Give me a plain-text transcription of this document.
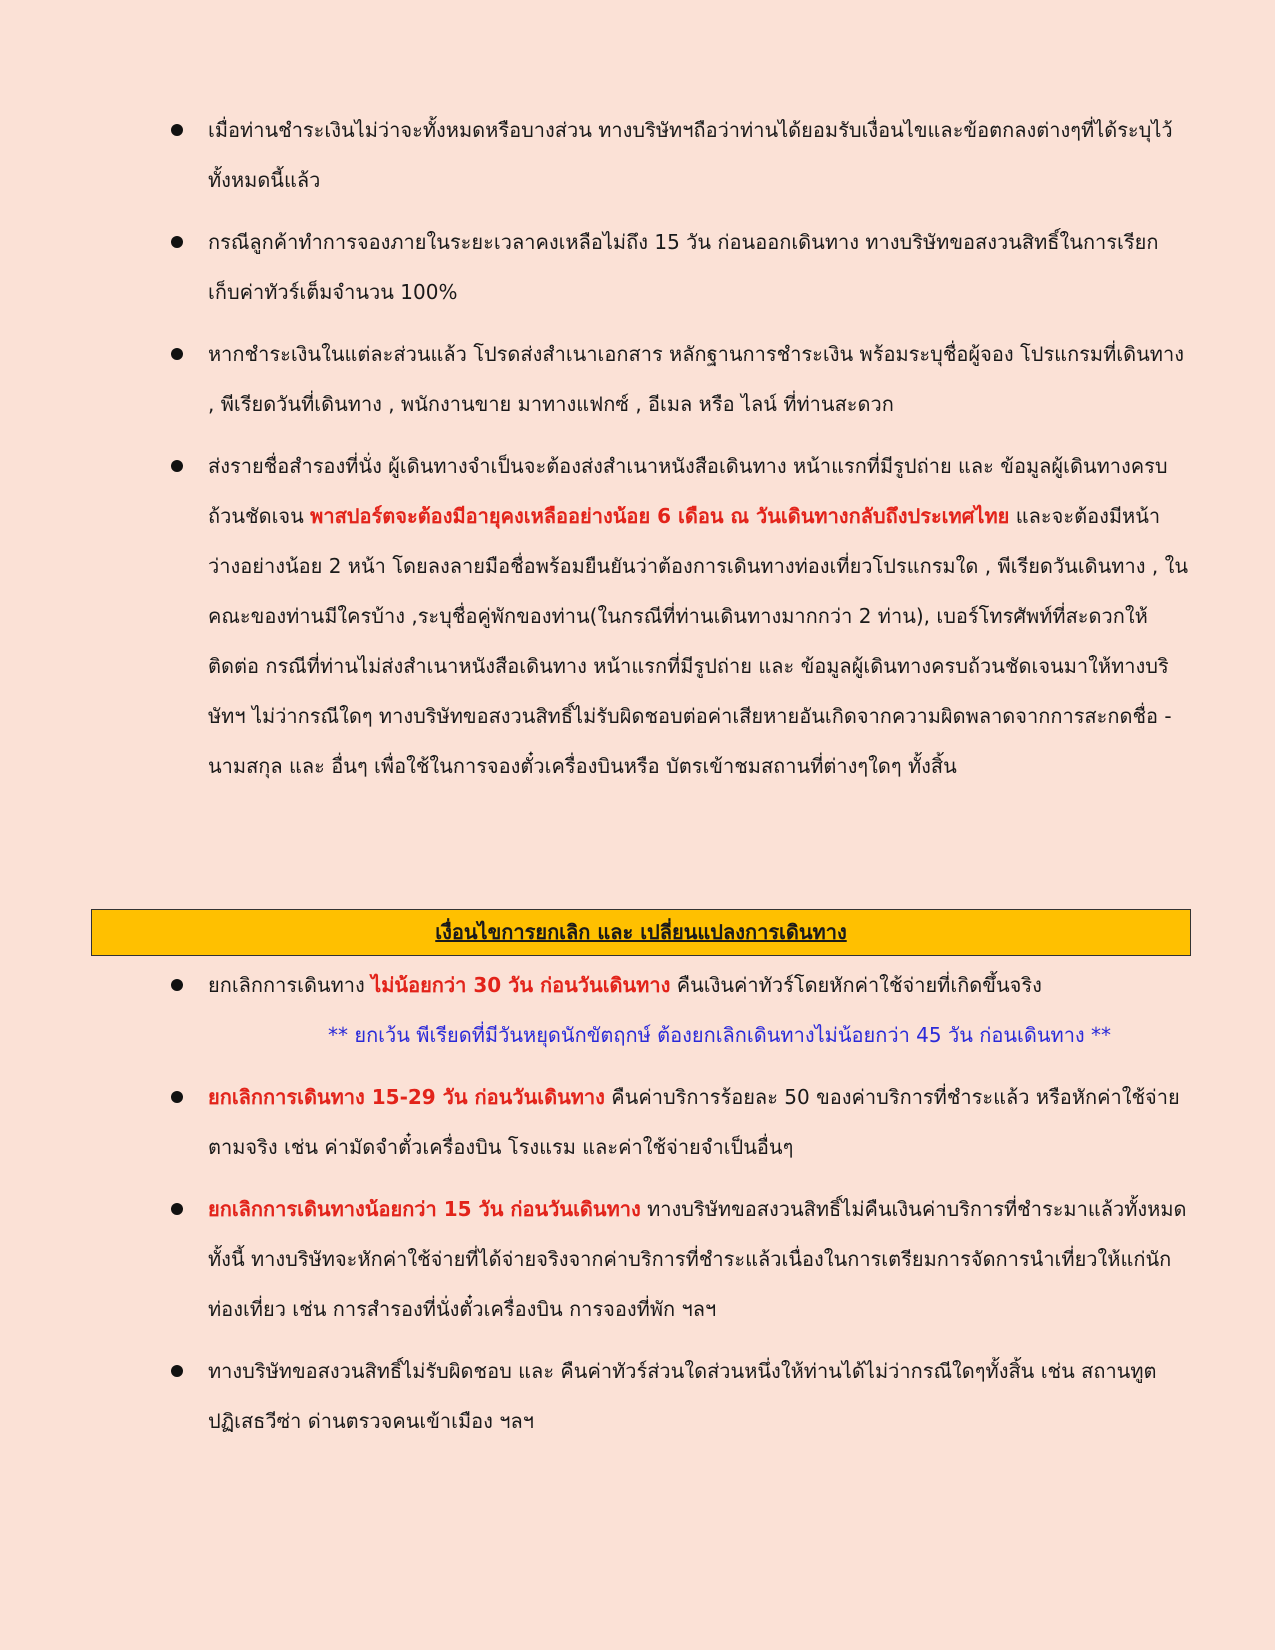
เมื่อท่านชำระเงินไม่ว่าจะทั้งหมดหรือบางส่วน ทางบริษัทฯถือว่าท่านได้ยอมรับเงื่อนไขและข้อตกลงต่างๆที่ได้ระบุไว้ทั้งหมดนี้แล้ว
กรณีลูกค้าทำการจองภายในระยะเวลาคงเหลือไม่ถึง 15 วัน ก่อนออกเดินทาง ทางบริษัทขอสงวนสิทธิ์ในการเรียกเก็บค่าทัวร์เต็มจำนวน 100%
หากชำระเงินในแต่ละส่วนแล้ว โปรดส่งสำเนาเอกสาร หลักฐานการชำระเงิน พร้อมระบุชื่อผู้จอง โปรแกรมที่เดินทาง , พีเรียดวันที่เดินทาง , พนักงานขาย มาทางแฟกซ์ , อีเมล หรือ ไลน์ ที่ท่านสะดวก
ส่งรายชื่อสำรองที่นั่ง ผู้เดินทางจำเป็นจะต้องส่งสำเนาหนังสือเดินทาง หน้าแรกที่มีรูปถ่าย และ ข้อมูลผู้เดินทางครบถ้วนชัดเจน พาสปอร์ตจะต้องมีอายุคงเหลืออย่างน้อย 6 เดือน ณ วันเดินทางกลับถึงประเทศไทย และจะต้องมีหน้าว่างอย่างน้อย 2 หน้า โดยลงลายมือชื่อพร้อมยืนยันว่าต้องการเดินทางท่องเที่ยวโปรแกรมใด , พีเรียดวันเดินทาง , ในคณะของท่านมีใครบ้าง ,ระบุชื่อคู่พักของท่าน(ในกรณีที่ท่านเดินทางมากกว่า 2 ท่าน), เบอร์โทรศัพท์ที่สะดวกให้ติดต่อ กรณีที่ท่านไม่ส่งสำเนาหนังสือเดินทาง หน้าแรกที่มีรูปถ่าย และ ข้อมูลผู้เดินทางครบถ้วนชัดเจนมาให้ทางบริษัทฯ ไม่ว่ากรณีใดๆ ทางบริษัทขอสงวนสิทธิ์ไม่รับผิดชอบต่อค่าเสียหายอันเกิดจากความผิดพลาดจากการสะกดชื่อ - นามสกุล และ อื่นๆ เพื่อใช้ในการจองตั๋วเครื่องบินหรือ บัตรเข้าชมสถานที่ต่างๆใดๆ ทั้งสิ้น
เงื่อนไขการยกเลิก และ เปลี่ยนแปลงการเดินทาง
ยกเลิกการเดินทาง ไม่น้อยกว่า 30 วัน ก่อนวันเดินทาง คืนเงินค่าทัวร์โดยหักค่าใช้จ่ายที่เกิดขึ้นจริง
** ยกเว้น พีเรียดที่มีวันหยุดนักขัตฤกษ์ ต้องยกเลิกเดินทางไม่น้อยกว่า 45 วัน ก่อนเดินทาง **
ยกเลิกการเดินทาง 15-29 วัน ก่อนวันเดินทาง คืนค่าบริการร้อยละ 50 ของค่าบริการที่ชำระแล้ว หรือหักค่าใช้จ่ายตามจริง เช่น ค่ามัดจำตั๋วเครื่องบิน โรงแรม และค่าใช้จ่ายจำเป็นอื่นๆ
ยกเลิกการเดินทางน้อยกว่า 15 วัน ก่อนวันเดินทาง ทางบริษัทขอสงวนสิทธิ์ไม่คืนเงินค่าบริการที่ชำระมาแล้วทั้งหมดทั้งนี้ ทางบริษัทจะหักค่าใช้จ่ายที่ได้จ่ายจริงจากค่าบริการที่ชำระแล้วเนื่องในการเตรียมการจัดการนำเที่ยวให้แก่นักท่องเที่ยว เช่น การสำรองที่นั่งตั๋วเครื่องบิน การจองที่พัก ฯลฯ
ทางบริษัทขอสงวนสิทธิ์ไม่รับผิดชอบ และ คืนค่าทัวร์ส่วนใดส่วนหนึ่งให้ท่านได้ไม่ว่ากรณีใดๆทั้งสิ้น เช่น สถานทูตปฏิเสธวีซ่า ด่านตรวจคนเข้าเมือง ฯลฯ
